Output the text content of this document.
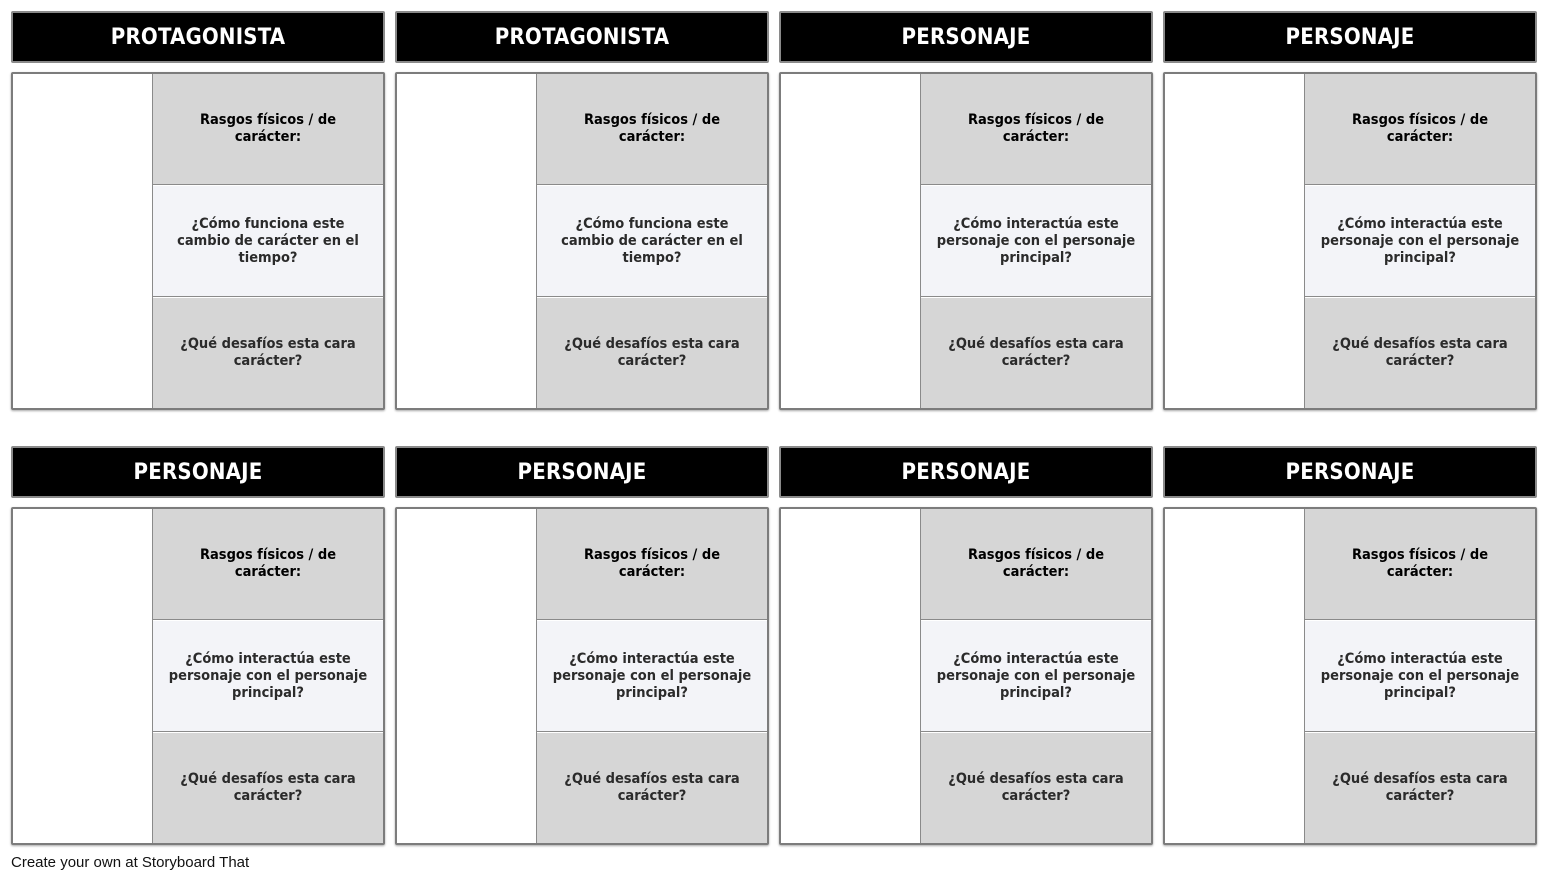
PROTAGONISTA
Rasgos físicos / de carácter:
¿Cómo funciona este cambio de carácter en el tiempo?
¿Qué desafíos esta cara carácter?
PROTAGONISTA
Rasgos físicos / de carácter:
¿Cómo funciona este cambio de carácter en el tiempo?
¿Qué desafíos esta cara carácter?
PERSONAJE
Rasgos físicos / de carácter:
¿Cómo interactúa este personaje con el personaje principal?
¿Qué desafíos esta cara carácter?
PERSONAJE
Rasgos físicos / de carácter:
¿Cómo interactúa este personaje con el personaje principal?
¿Qué desafíos esta cara carácter?
PERSONAJE
Rasgos físicos / de carácter:
¿Cómo interactúa este personaje con el personaje principal?
¿Qué desafíos esta cara carácter?
PERSONAJE
Rasgos físicos / de carácter:
¿Cómo interactúa este personaje con el personaje principal?
¿Qué desafíos esta cara carácter?
PERSONAJE
Rasgos físicos / de carácter:
¿Cómo interactúa este personaje con el personaje principal?
¿Qué desafíos esta cara carácter?
PERSONAJE
Rasgos físicos / de carácter:
¿Cómo interactúa este personaje con el personaje principal?
¿Qué desafíos esta cara carácter?
Create your own at Storyboard That
